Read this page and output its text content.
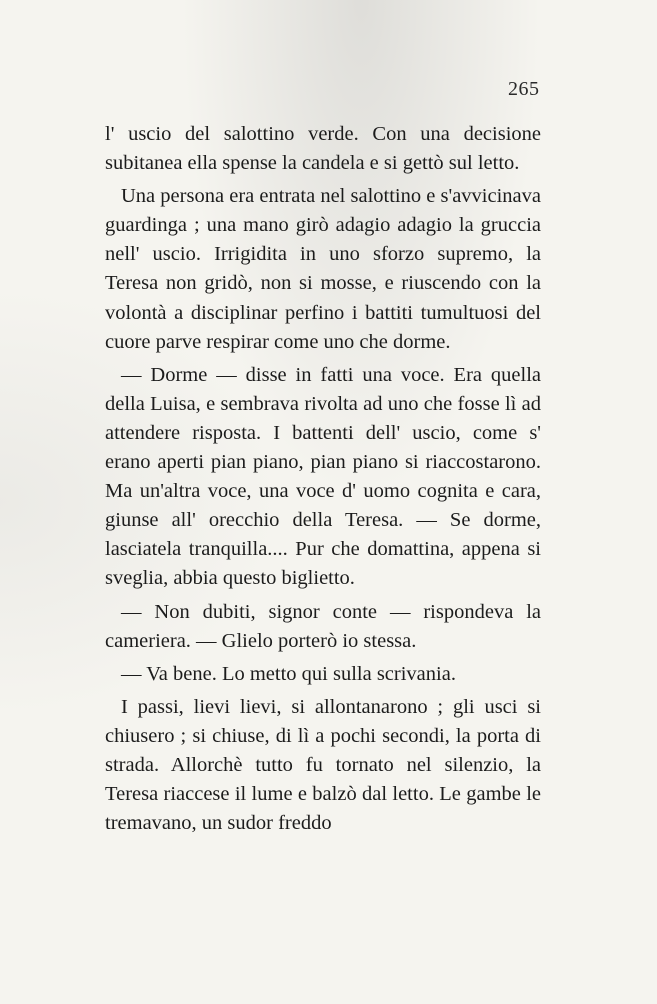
265

l' uscio del salottino verde. Con una decisione subitanea ella spense la candela e si gettò sul letto.

Una persona era entrata nel salottino e s'avvicinava guardinga ; una mano girò adagio adagio la gruccia nell' uscio. Irrigidita in uno sforzo supremo, la Teresa non gridò, non si mosse, e riuscendo con la volontà a disciplinar perfino i battiti tumultuosi del cuore parve respirar come uno che dorme.

— Dorme — disse in fatti una voce. Era quella della Luisa, e sembrava rivolta ad uno che fosse lì ad attendere risposta. I battenti dell' uscio, come s' erano aperti pian piano, pian piano si riaccostarono. Ma un'altra voce, una voce d' uomo cognita e cara, giunse all' orecchio della Teresa. — Se dorme, lasciatela tranquilla.... Pur che domattina, appena si sveglia, abbia questo biglietto.

— Non dubiti, signor conte — rispondeva la cameriera. — Glielo porterò io stessa.

— Va bene. Lo metto qui sulla scrivania.

I passi, lievi lievi, si allontanarono ; gli usci si chiusero ; si chiuse, di lì a pochi secondi, la porta di strada. Allorchè tutto fu tornato nel silenzio, la Teresa riaccese il lume e balzò dal letto. Le gambe le tremavano, un sudor freddo
